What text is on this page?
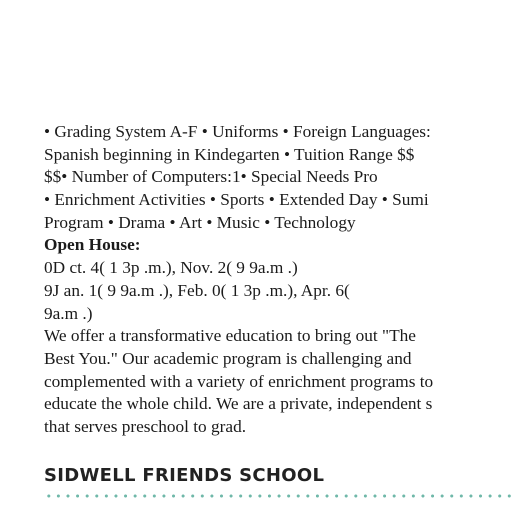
• Grading System A-F • Uniforms • Foreign Languages:
Spanish beginning in Kindegarten • Tuition Range $$
$$• Number of Computers:1• Special Needs Pro
• Enrichment Activities • Sports • Extended Day • Sumi
Program • Drama • Art • Music • Technology
Open House:
0D ct. 4( 1 3p .m.), Nov. 2( 9 9a.m .)
9J an. 1( 9 9a.m .), Feb. 0( 1 3p .m.), Apr. 6(
9a.m .)
We offer a transformative education to bring out "The
Best You." Our academic program is challenging and
complemented with a variety of enrichment programs to
educate the whole child. We are a private, independent s
that serves preschool to grad.
SIDWELL FRIENDS SCHOOL
